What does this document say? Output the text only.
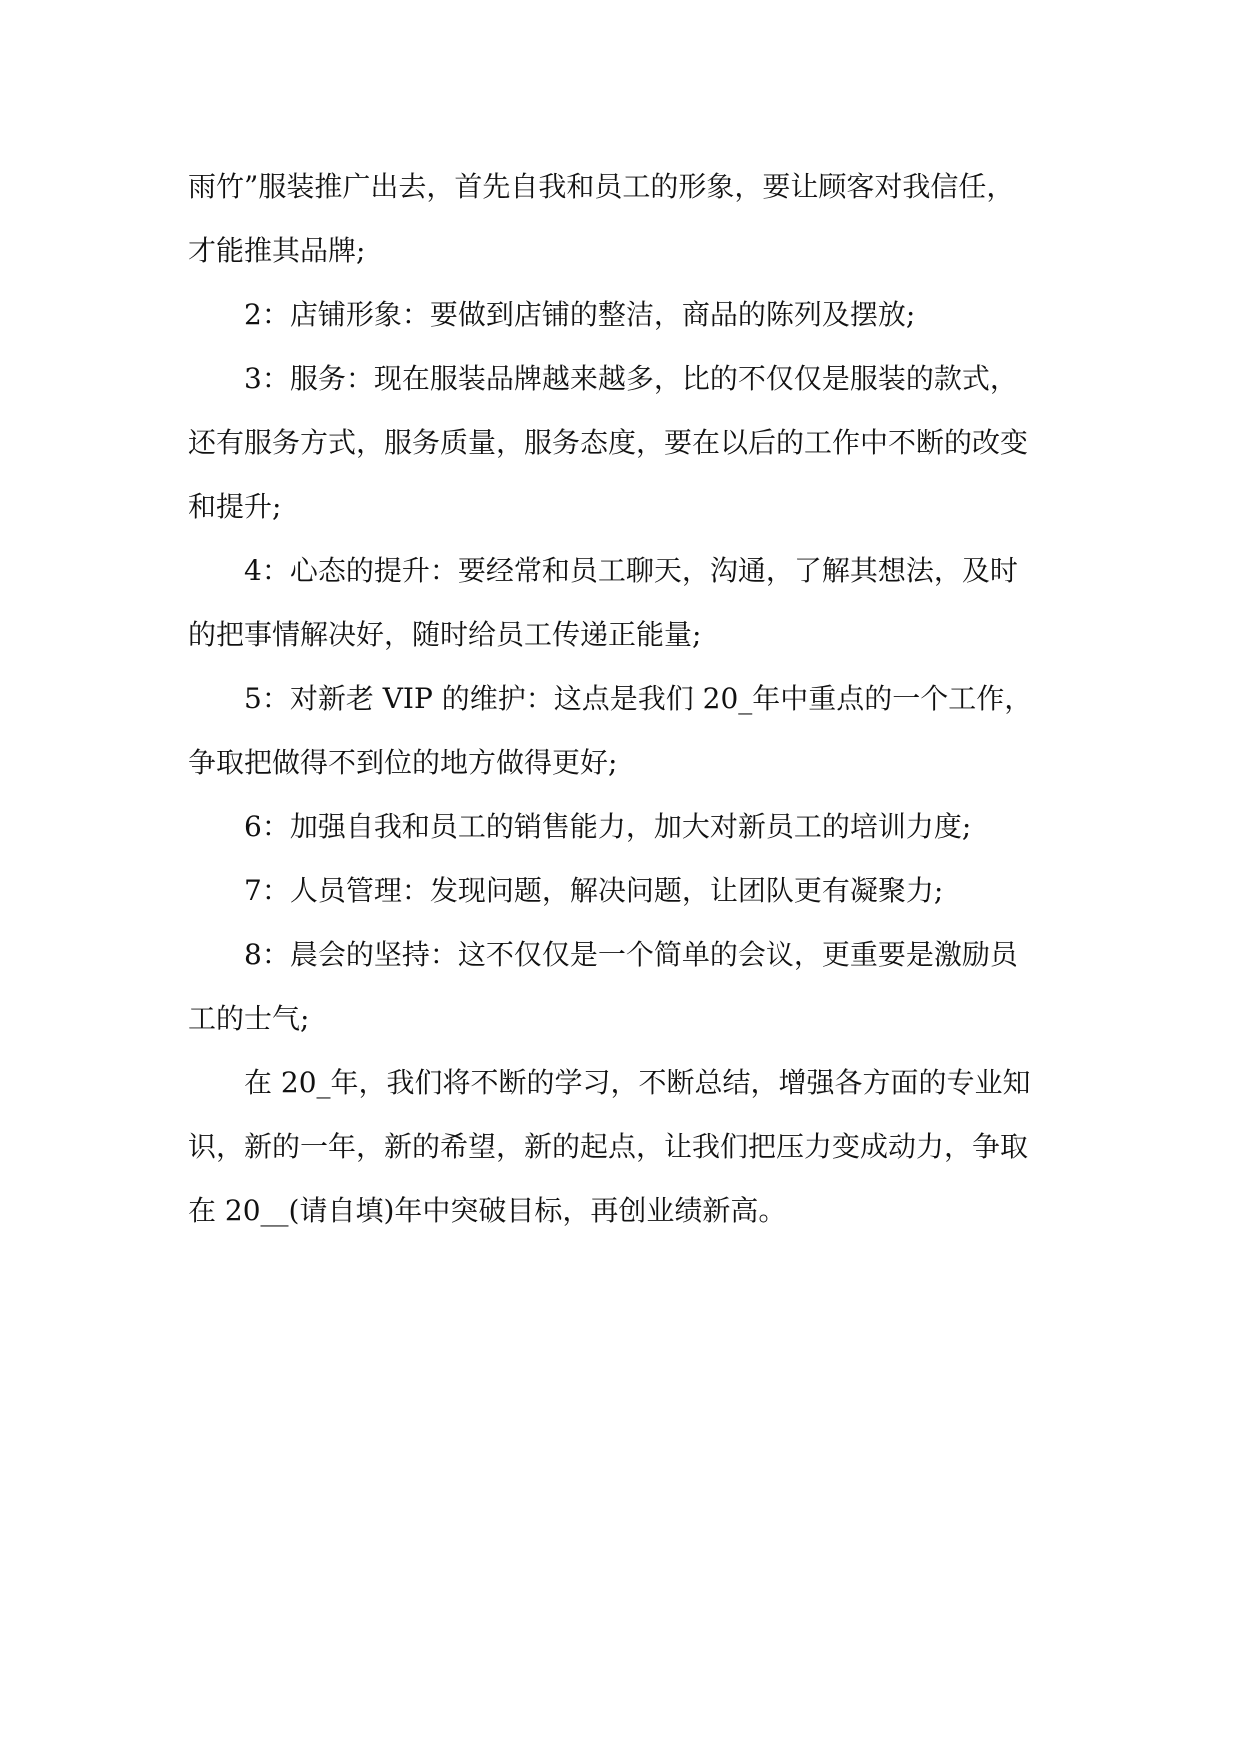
雨竹”服装推广出去，首先自我和员工的形象，要让顾客对我信任，
才能推其品牌;
2：店铺形象：要做到店铺的整洁，商品的陈列及摆放;
3：服务：现在服装品牌越来越多，比的不仅仅是服装的款式，
还有服务方式，服务质量，服务态度，要在以后的工作中不断的改变
和提升;
4：心态的提升：要经常和员工聊天，沟通，了解其想法，及时
的把事情解决好，随时给员工传递正能量;
5：对新老 VIP 的维护：这点是我们 20_年中重点的一个工作，
争取把做得不到位的地方做得更好;
6：加强自我和员工的销售能力，加大对新员工的培训力度;
7：人员管理：发现问题，解决问题，让团队更有凝聚力;
8：晨会的坚持：这不仅仅是一个简单的会议，更重要是激励员
工的士气;
在 20_年，我们将不断的学习，不断总结，增强各方面的专业知
识，新的一年，新的希望，新的起点，让我们把压力变成动力，争取
在 20__(请自填)年中突破目标，再创业绩新高。
